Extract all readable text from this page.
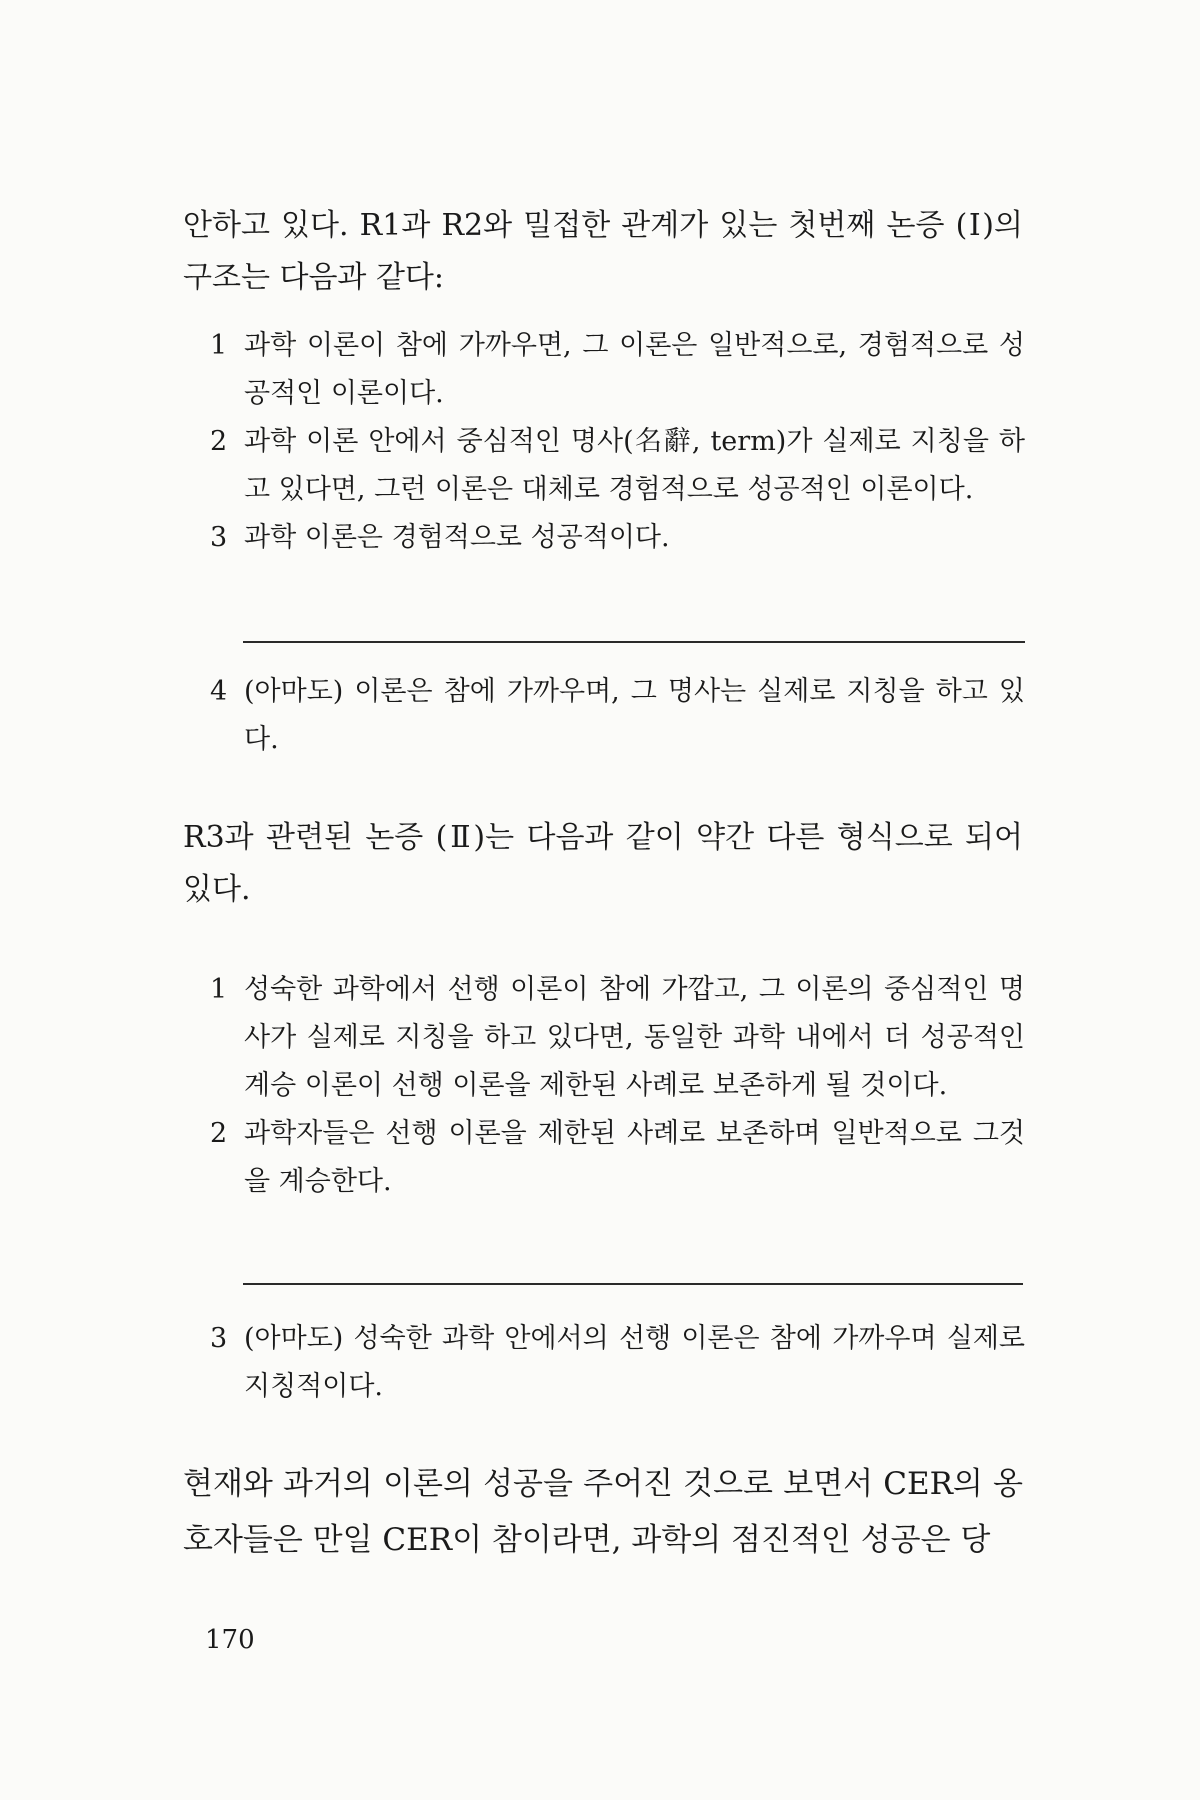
안하고 있다. R1과 R2와 밀접한 관계가 있는 첫번째 논증 (Ⅰ)의 구조는 다음과 같다:

1 과학 이론이 참에 가까우면, 그 이론은 일반적으로, 경험적으로 성공적인 이론이다.
2 과학 이론 안에서 중심적인 명사(名辭, term)가 실제로 지칭을 하고 있다면, 그런 이론은 대체로 경험적으로 성공적인 이론이다.
3 과학 이론은 경험적으로 성공적이다.
4 (아마도) 이론은 참에 가까우며, 그 명사는 실제로 지칭을 하고 있다.

R3과 관련된 논증 (Ⅱ)는 다음과 같이 약간 다른 형식으로 되어 있다.

1 성숙한 과학에서 선행 이론이 참에 가깝고, 그 이론의 중심적인 명사가 실제로 지칭을 하고 있다면, 동일한 과학 내에서 더 성공적인 계승 이론이 선행 이론을 제한된 사례로 보존하게 될 것이다.
2 과학자들은 선행 이론을 제한된 사례로 보존하며 일반적으로 그것을 계승한다.
3 (아마도) 성숙한 과학 안에서의 선행 이론은 참에 가까우며 실제로 지칭적이다.

현재와 과거의 이론의 성공을 주어진 것으로 보면서 CER의 옹호자들은 만일 CER이 참이라면, 과학의 점진적인 성공은 당

170
